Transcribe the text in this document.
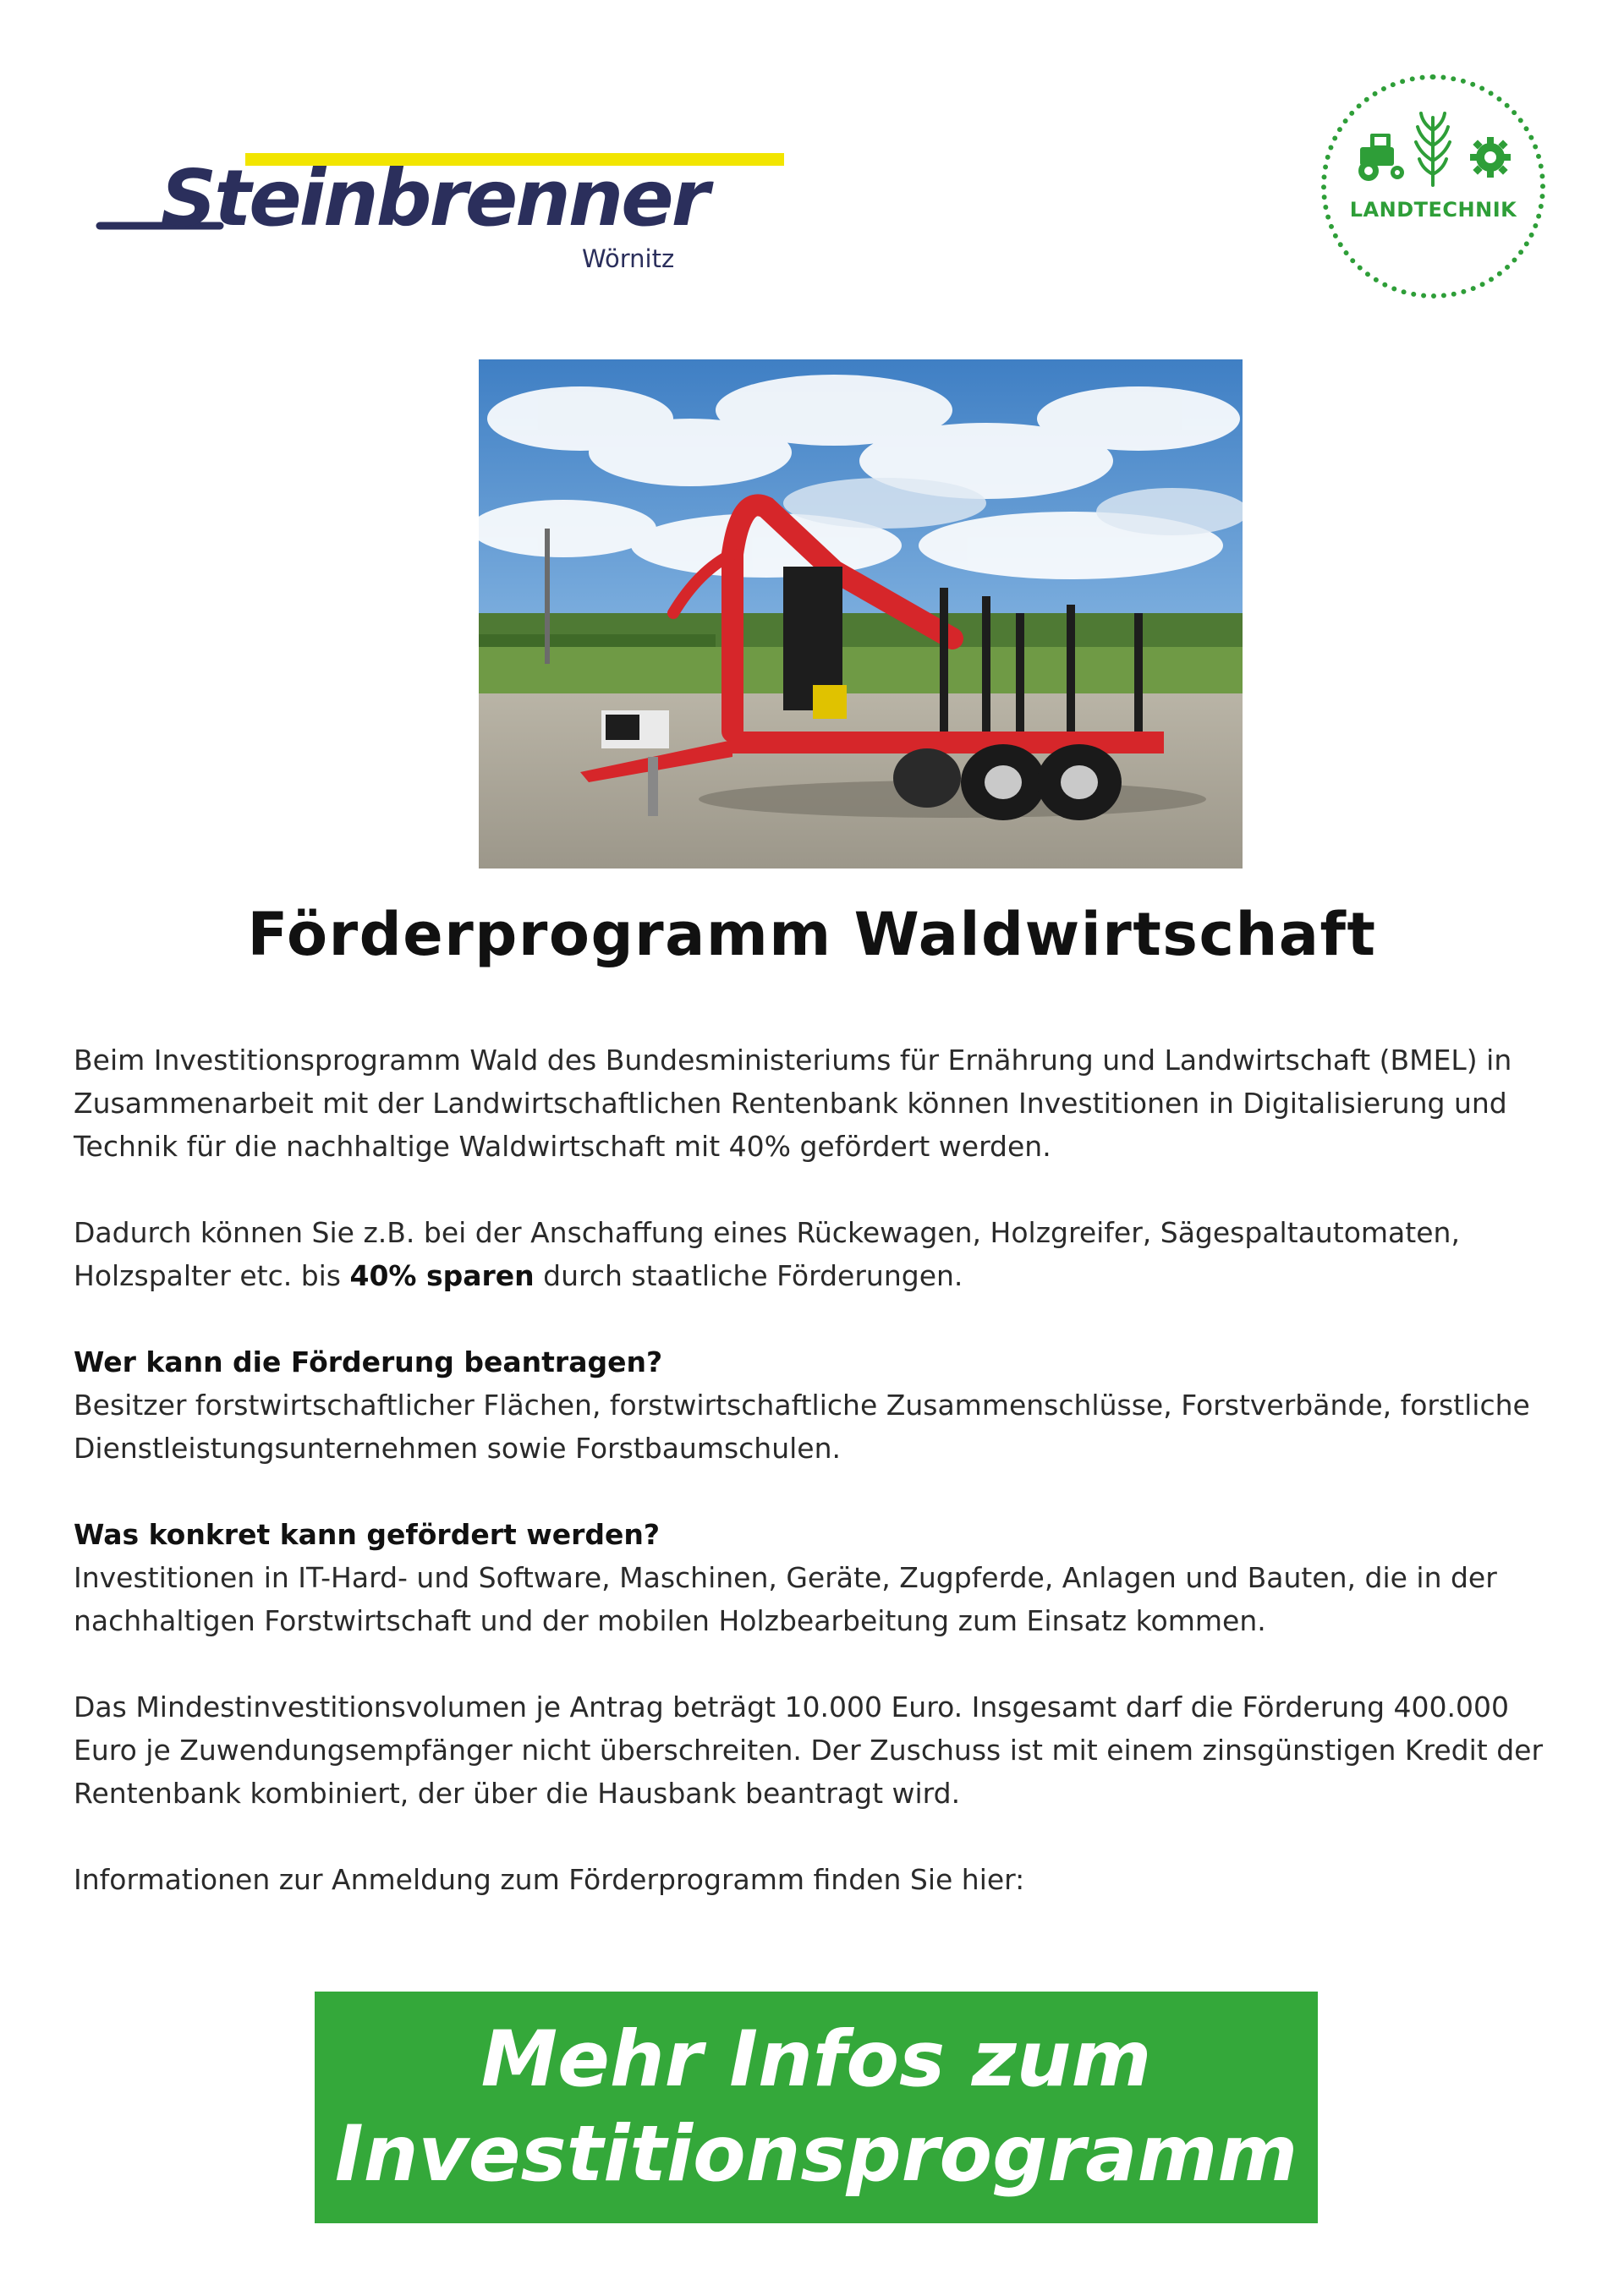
Steinbrenner
Wörnitz
LANDTECHNIK
Förderprogramm Waldwirtschaft

Beim Investitionsprogramm Wald des Bundesministeriums für Ernährung und Landwirtschaft (BMEL) in Zusammenarbeit mit der Landwirtschaftlichen Rentenbank können Investitionen in Digitalisierung und Technik für die nachhaltige Waldwirtschaft mit 40% gefördert werden.

Dadurch können Sie z.B. bei der Anschaffung eines Rückewagen, Holzgreifer, Sägespaltautomaten, Holzspalter etc. bis 40% sparen durch staatliche Förderungen.

Wer kann die Förderung beantragen?
Besitzer forstwirtschaftlicher Flächen, forstwirtschaftliche Zusammenschlüsse, Forstverbände, forstliche Dienstleistungsunternehmen sowie Forstbaumschulen.

Was konkret kann gefördert werden?
Investitionen in IT-Hard- und Software, Maschinen, Geräte, Zugpferde, Anlagen und Bauten, die in der nachhaltigen Forstwirtschaft und der mobilen Holzbearbeitung zum Einsatz kommen.

Das Mindestinvestitionsvolumen je Antrag beträgt 10.000 Euro. Insgesamt darf die Förderung 400.000 Euro je Zuwendungsempfänger nicht überschreiten. Der Zuschuss ist mit einem zinsgünstigen Kredit der Rentenbank kombiniert, der über die Hausbank beantragt wird.

Informationen zur Anmeldung zum Förderprogramm finden Sie hier:

Mehr Infos zum
Investitionsprogramm
